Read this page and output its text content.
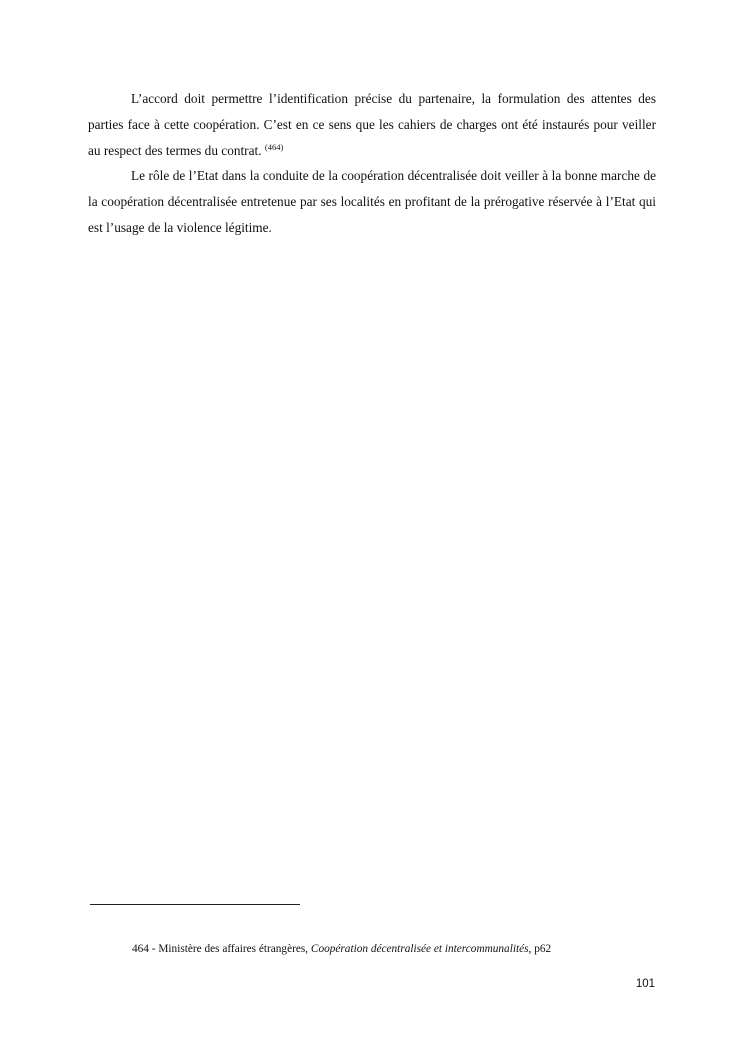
L’accord doit permettre l’identification précise du partenaire, la formulation des attentes des parties face à cette coopération. C’est en ce sens que les cahiers de charges ont été instaurés pour veiller au respect des termes du contrat. $^{(464)}$

Le rôle de l’Etat dans la conduite de la coopération décentralisée doit veiller à la bonne marche de la coopération décentralisée entretenue par ses localités en profitant de la prérogative réservée à l’Etat qui est l’usage de la violence légitime.

464 - Ministère des affaires étrangères, Coopération décentralisée et intercommunalités, p62

101
